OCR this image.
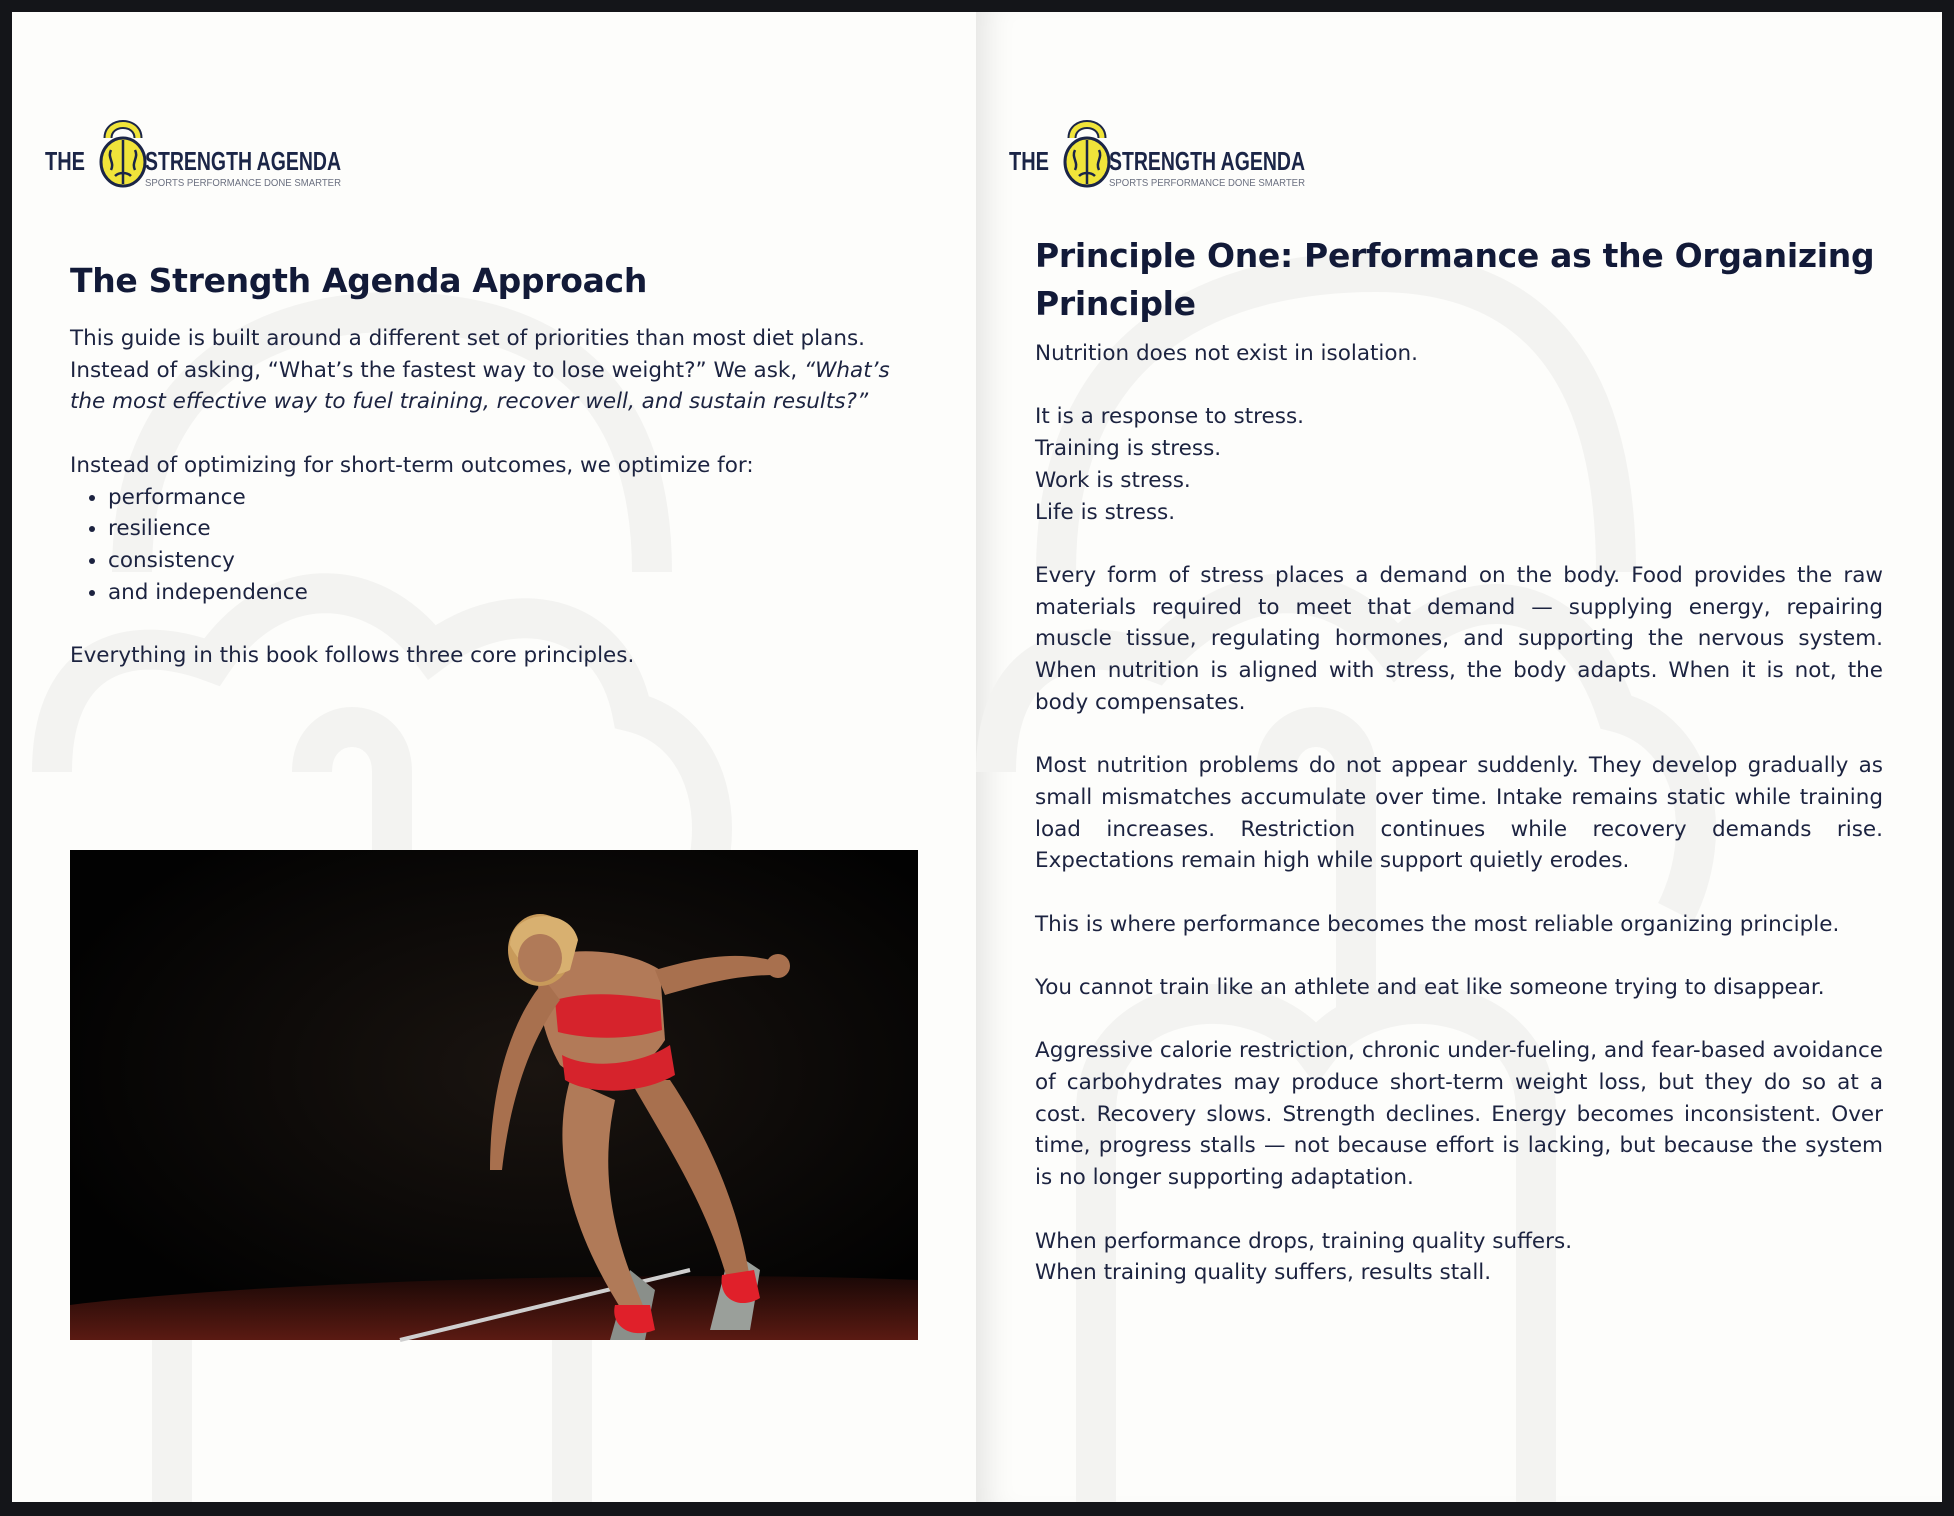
THE STRENGTH AGENDA
SPORTS PERFORMANCE DONE SMARTER
The Strength Agenda Approach

This guide is built around a different set of priorities than most diet plans. Instead of asking, “What’s the fastest way to lose weight?” We ask, “What’s the most effective way to fuel training, recover well, and sustain results?”

Instead of optimizing for short-term outcomes, we optimize for:

• performance
• resilience
• consistency
• and independence

Everything in this book follows three core principles.

THE STRENGTH AGENDA
SPORTS PERFORMANCE DONE SMARTER
Principle One: Performance as the Organizing Principle

Nutrition does not exist in isolation.

It is a response to stress.

Training is stress.

Work is stress.

Life is stress.

Every form of stress places a demand on the body. Food provides the raw materials required to meet that demand — supplying energy, repairing muscle tissue, regulating hormones, and supporting the nervous system. When nutrition is aligned with stress, the body adapts. When it is not, the body compensates.

Most nutrition problems do not appear suddenly. They develop gradually as small mismatches accumulate over time. Intake remains static while training load increases. Restriction continues while recovery demands rise. Expectations remain high while support quietly erodes.

This is where performance becomes the most reliable organizing principle.

You cannot train like an athlete and eat like someone trying to disappear.

Aggressive calorie restriction, chronic under-fueling, and fear-based avoidance of carbohydrates may produce short-term weight loss, but they do so at a cost. Recovery slows. Strength declines. Energy becomes inconsistent. Over time, progress stalls — not because effort is lacking, but because the system is no longer supporting adaptation.

When performance drops, training quality suffers.

When training quality suffers, results stall.
